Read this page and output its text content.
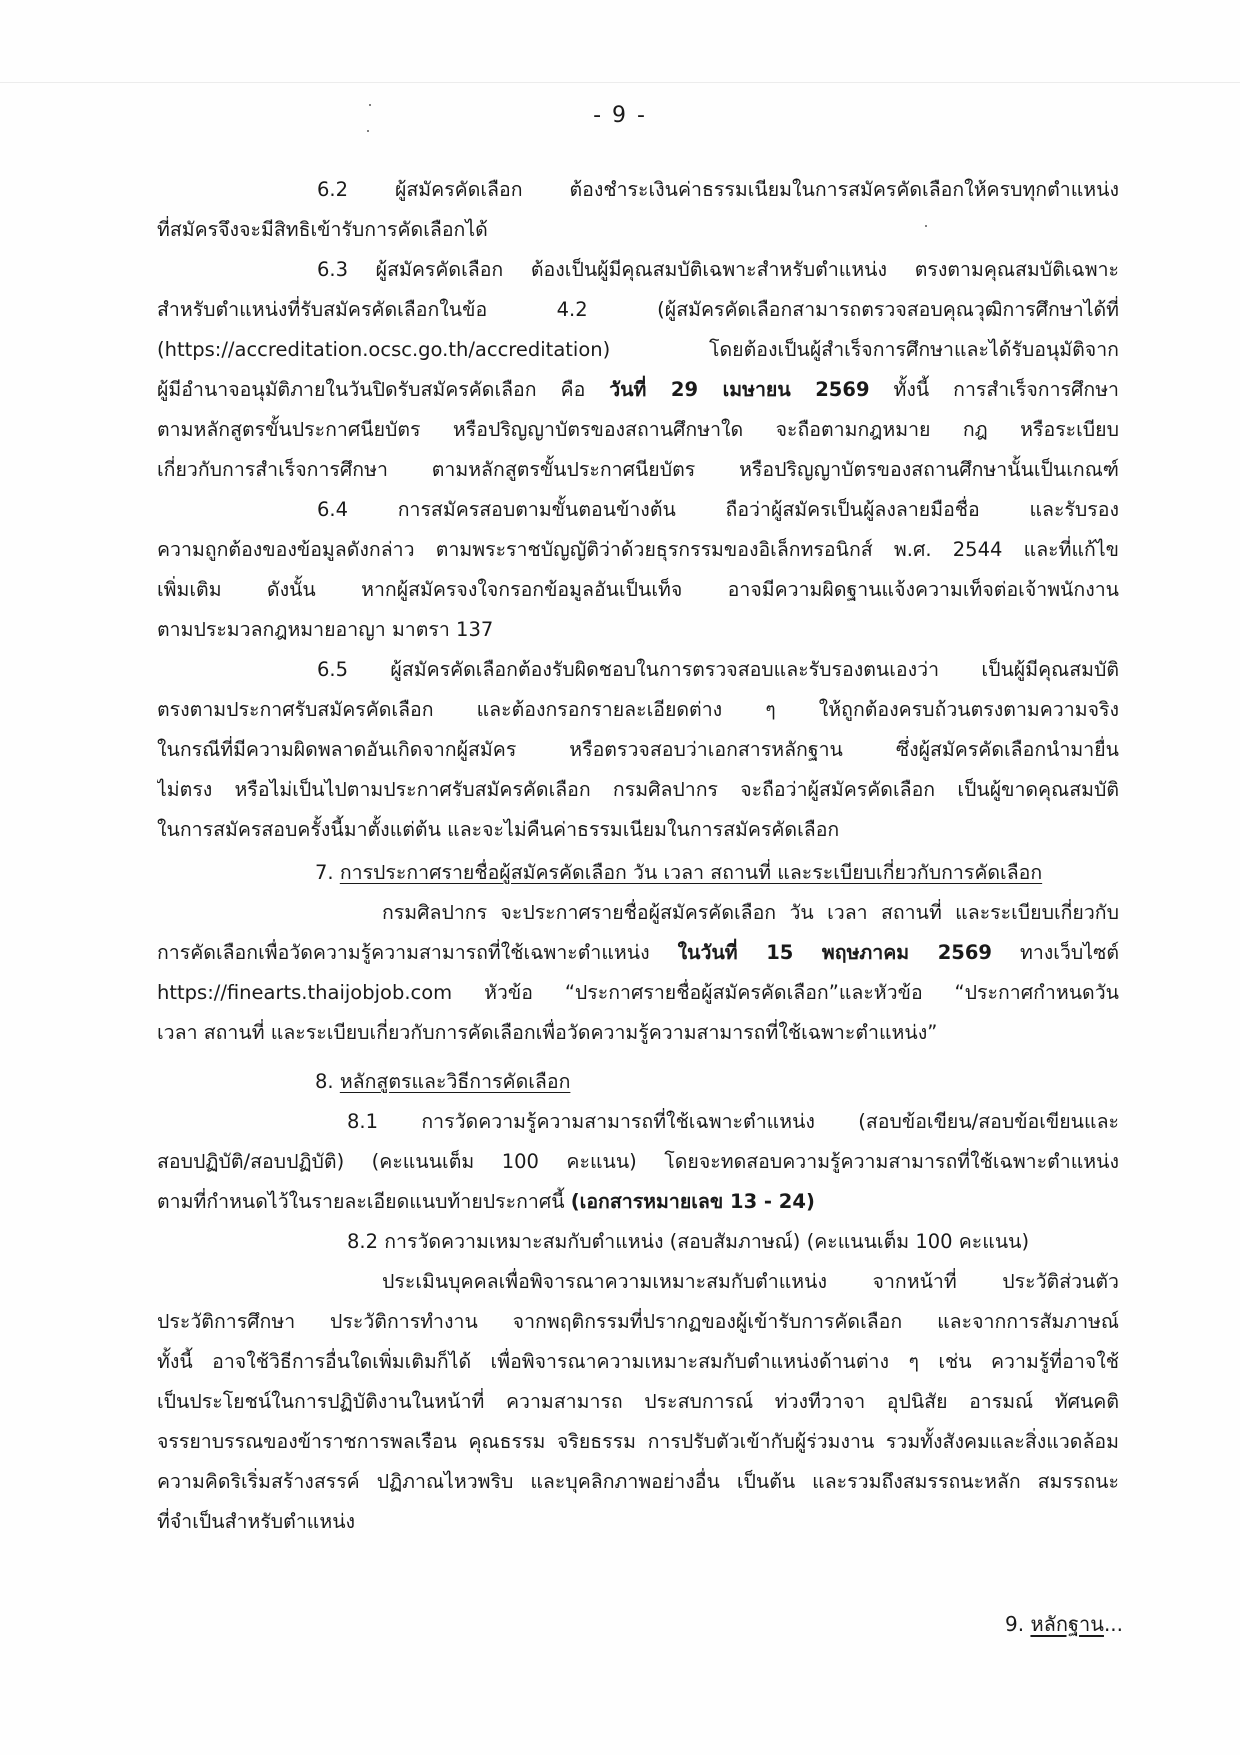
- 9 -
6.2 ผู้สมัครคัดเลือก ต้องชำระเงินค่าธรรมเนียมในการสมัครคัดเลือกให้ครบทุกตำแหน่ง
ที่สมัครจึงจะมีสิทธิเข้ารับการคัดเลือกได้
6.3 ผู้สมัครคัดเลือก ต้องเป็นผู้มีคุณสมบัติเฉพาะสำหรับตำแหน่ง ตรงตามคุณสมบัติเฉพาะ
สำหรับตำแหน่งที่รับสมัครคัดเลือกในข้อ 4.2 (ผู้สมัครคัดเลือกสามารถตรวจสอบคุณวุฒิการศึกษาได้ที่
(https://accreditation.ocsc.go.th/accreditation) โดยต้องเป็นผู้สำเร็จการศึกษาและได้รับอนุมัติจาก
ผู้มีอำนาจอนุมัติภายในวันปิดรับสมัครคัดเลือก คือ วันที่ 29 เมษายน 2569 ทั้งนี้ การสำเร็จการศึกษา
ตามหลักสูตรขั้นประกาศนียบัตร หรือปริญญาบัตรของสถานศึกษาใด จะถือตามกฎหมาย กฎ หรือระเบียบ
เกี่ยวกับการสำเร็จการศึกษา ตามหลักสูตรขั้นประกาศนียบัตร หรือปริญญาบัตรของสถานศึกษานั้นเป็นเกณฑ์
6.4 การสมัครสอบตามขั้นตอนข้างต้น ถือว่าผู้สมัครเป็นผู้ลงลายมือชื่อ และรับรอง
ความถูกต้องของข้อมูลดังกล่าว ตามพระราชบัญญัติว่าด้วยธุรกรรมของอิเล็กทรอนิกส์ พ.ศ. 2544 และที่แก้ไข
เพิ่มเติม ดังนั้น หากผู้สมัครจงใจกรอกข้อมูลอันเป็นเท็จ อาจมีความผิดฐานแจ้งความเท็จต่อเจ้าพนักงาน
ตามประมวลกฎหมายอาญา มาตรา 137
6.5 ผู้สมัครคัดเลือกต้องรับผิดชอบในการตรวจสอบและรับรองตนเองว่า เป็นผู้มีคุณสมบัติ
ตรงตามประกาศรับสมัครคัดเลือก และต้องกรอกรายละเอียดต่าง ๆ ให้ถูกต้องครบถ้วนตรงตามความจริง
ในกรณีที่มีความผิดพลาดอันเกิดจากผู้สมัคร หรือตรวจสอบว่าเอกสารหลักฐาน ซึ่งผู้สมัครคัดเลือกนำมายื่น
ไม่ตรง หรือไม่เป็นไปตามประกาศรับสมัครคัดเลือก กรมศิลปากร จะถือว่าผู้สมัครคัดเลือก เป็นผู้ขาดคุณสมบัติ
ในการสมัครสอบครั้งนี้มาตั้งแต่ต้น และจะไม่คืนค่าธรรมเนียมในการสมัครคัดเลือก
7. การประกาศรายชื่อผู้สมัครคัดเลือก วัน เวลา สถานที่ และระเบียบเกี่ยวกับการคัดเลือก
กรมศิลปากร จะประกาศรายชื่อผู้สมัครคัดเลือก วัน เวลา สถานที่ และระเบียบเกี่ยวกับ
การคัดเลือกเพื่อวัดความรู้ความสามารถที่ใช้เฉพาะตำแหน่ง ในวันที่ 15 พฤษภาคม 2569 ทางเว็บไซต์
https://finearts.thaijobjob.com หัวข้อ “ประกาศรายชื่อผู้สมัครคัดเลือก”และหัวข้อ “ประกาศกำหนดวัน
เวลา สถานที่ และระเบียบเกี่ยวกับการคัดเลือกเพื่อวัดความรู้ความสามารถที่ใช้เฉพาะตำแหน่ง”
8. หลักสูตรและวิธีการคัดเลือก
8.1 การวัดความรู้ความสามารถที่ใช้เฉพาะตำแหน่ง (สอบข้อเขียน/สอบข้อเขียนและ
สอบปฏิบัติ/สอบปฏิบัติ) (คะแนนเต็ม 100 คะแนน) โดยจะทดสอบความรู้ความสามารถที่ใช้เฉพาะตำแหน่ง
ตามที่กำหนดไว้ในรายละเอียดแนบท้ายประกาศนี้ (เอกสารหมายเลข 13 - 24)
8.2 การวัดความเหมาะสมกับตำแหน่ง (สอบสัมภาษณ์) (คะแนนเต็ม 100 คะแนน)
ประเมินบุคคลเพื่อพิจารณาความเหมาะสมกับตำแหน่ง จากหน้าที่ ประวัติส่วนตัว
ประวัติการศึกษา ประวัติการทำงาน จากพฤติกรรมที่ปรากฏของผู้เข้ารับการคัดเลือก และจากการสัมภาษณ์
ทั้งนี้ อาจใช้วิธีการอื่นใดเพิ่มเติมก็ได้ เพื่อพิจารณาความเหมาะสมกับตำแหน่งด้านต่าง ๆ เช่น ความรู้ที่อาจใช้
เป็นประโยชน์ในการปฏิบัติงานในหน้าที่ ความสามารถ ประสบการณ์ ท่วงทีวาจา อุปนิสัย อารมณ์ ทัศนคติ
จรรยาบรรณของข้าราชการพลเรือน คุณธรรม จริยธรรม การปรับตัวเข้ากับผู้ร่วมงาน รวมทั้งสังคมและสิ่งแวดล้อม
ความคิดริเริ่มสร้างสรรค์ ปฏิภาณไหวพริบ และบุคลิกภาพอย่างอื่น เป็นต้น และรวมถึงสมรรถนะหลัก สมรรถนะ
ที่จำเป็นสำหรับตำแหน่ง
9. หลักฐาน...
